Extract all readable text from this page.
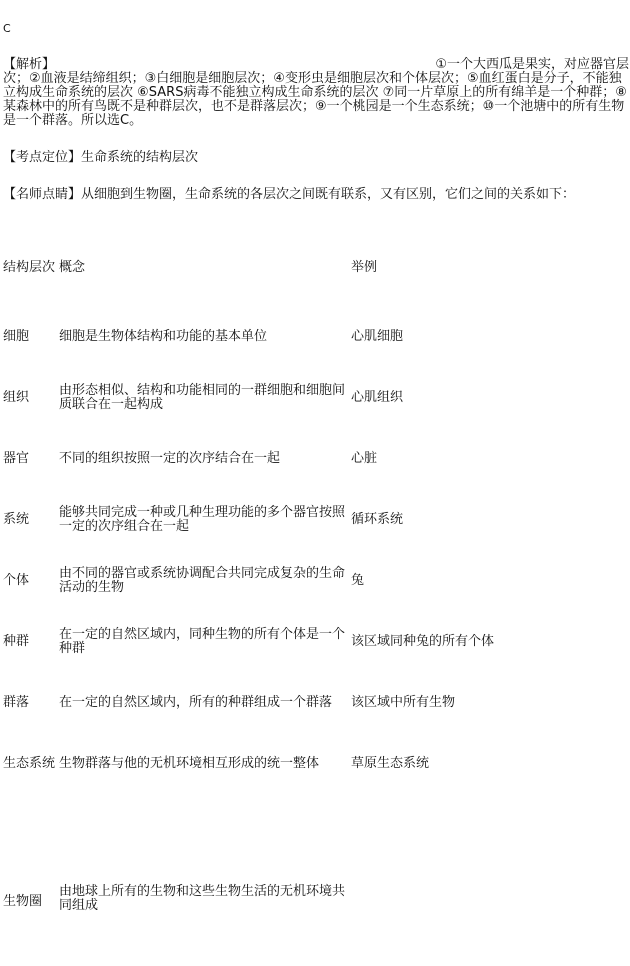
C
【解析】	①一个大西瓜是果实，对应器官层
次；②血液是结缔组织；③白细胞是细胞层次；④变形虫是细胞层次和个体层次；⑤血红蛋白是分子，不能独立构成生命系统的层次 ⑥SARS病毒不能独立构成生命系统的层次 ⑦同一片草原上的所有绵羊是一个种群；⑧某森林中的所有鸟既不是种群层次，也不是群落层次；⑨一个桃园是一个生态系统；⑩一个池塘中的所有生物是一个群落。所以选C。
【考点定位】生命系统的结构层次
【名师点睛】从细胞到生物圈，生命系统的各层次之间既有联系，又有区别，它们之间的关系如下：
结构层次	概念	举例
细胞	细胞是生物体结构和功能的基本单位	心肌细胞
组织	由形态相似、结构和功能相同的一群细胞和细胞间质联合在一起构成	心肌组织
器官	不同的组织按照一定的次序结合在一起	心脏
系统	能够共同完成一种或几种生理功能的多个器官按照一定的次序组合在一起	循环系统
个体	由不同的器官或系统协调配合共同完成复杂的生命活动的生物	兔
种群	在一定的自然区域内，同种生物的所有个体是一个种群	该区域同种兔的所有个体
群落	在一定的自然区域内，所有的种群组成一个群落	该区域中所有生物
生态系统	生物群落与他的无机环境相互形成的统一整体	草原生态系统
生物圈	由地球上所有的生物和这些生物生活的无机环境共同组成	
